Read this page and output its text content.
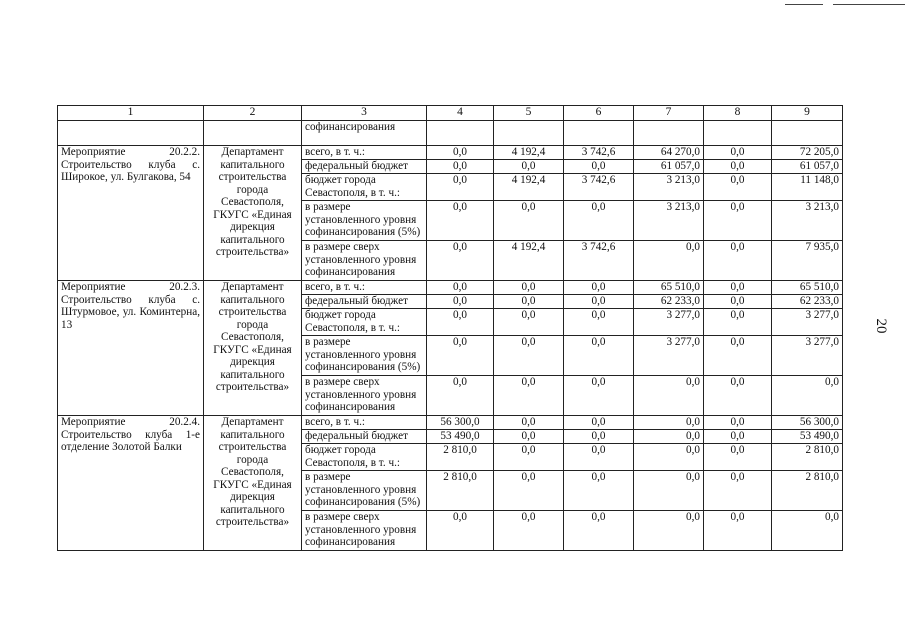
20
1	2	3	4	5	6	7	8	9
		софинансирования						
Мероприятие 20.2.2. Строительство клуба с. Широкое, ул. Булгакова, 54	Департамент капитального строительства города Севастополя, ГКУГС «Единая дирекция капитального строительства»	всего, в т. ч.:	0,0	4 192,4	3 742,6	64 270,0	0,0	72 205,0
		федеральный бюджет	0,0	0,0	0,0	61 057,0	0,0	61 057,0
		бюджет города Севастополя, в т. ч.:	0,0	4 192,4	3 742,6	3 213,0	0,0	11 148,0
		в размере установленного уровня софинансирования (5%)	0,0	0,0	0,0	3 213,0	0,0	3 213,0
		в размере сверх установленного уровня софинансирования	0,0	4 192,4	3 742,6	0,0	0,0	7 935,0
Мероприятие 20.2.3. Строительство клуба с. Штурмовое, ул. Коминтерна, 13	Департамент капитального строительства города Севастополя, ГКУГС «Единая дирекция капитального строительства»	всего, в т. ч.:	0,0	0,0	0,0	65 510,0	0,0	65 510,0
		федеральный бюджет	0,0	0,0	0,0	62 233,0	0,0	62 233,0
		бюджет города Севастополя, в т. ч.:	0,0	0,0	0,0	3 277,0	0,0	3 277,0
		в размере установленного уровня софинансирования (5%)	0,0	0,0	0,0	3 277,0	0,0	3 277,0
		в размере сверх установленного уровня софинансирования	0,0	0,0	0,0	0,0	0,0	0,0
Мероприятие 20.2.4. Строительство клуба 1-е отделение Золотой Балки	Департамент капитального строительства города Севастополя, ГКУГС «Единая дирекция капитального строительства»	всего, в т. ч.:	56 300,0	0,0	0,0	0,0	0,0	56 300,0
		федеральный бюджет	53 490,0	0,0	0,0	0,0	0,0	53 490,0
		бюджет города Севастополя, в т. ч.:	2 810,0	0,0	0,0	0,0	0,0	2 810,0
		в размере установленного уровня софинансирования (5%)	2 810,0	0,0	0,0	0,0	0,0	2 810,0
		в размере сверх установленного уровня софинансирования	0,0	0,0	0,0	0,0	0,0	0,0
